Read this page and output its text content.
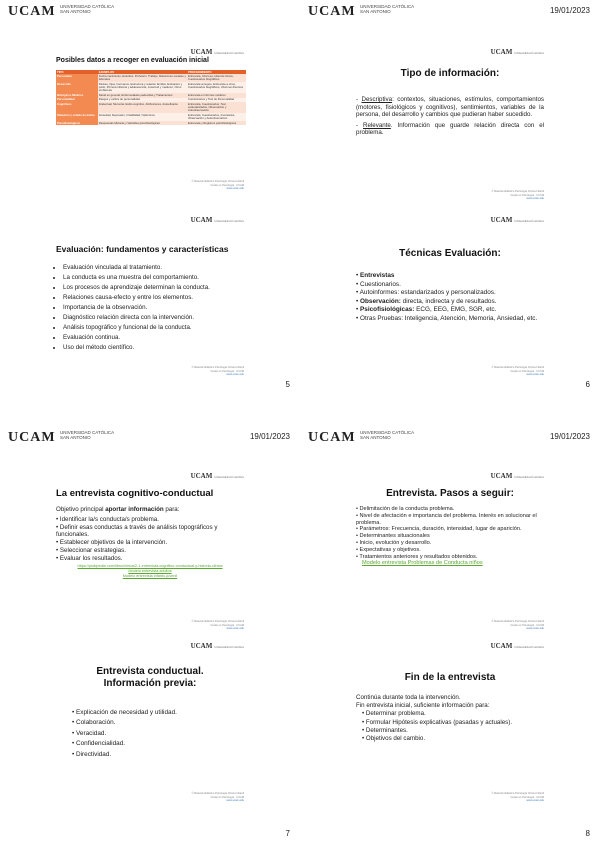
UCAM UNIVERSIDAD CATÓLICA
SAN ANTONIO
UCAM Universidad Católica
Posibles datos a recoger en evaluación inicial
TIPO	EJEMPLOS	PROCEDIMIENTO
Personales	Fecha nacimiento, Estudios, Profesión, Trabajo, Relaciones sociales y laborales	Entrevista, Informes, Historia clínica, Cuestionarios biográficos
Desarrollo	Padres, hijos, hermanos, Estructura y relación familiar, Embarazo y parto, Primera infancia y adolescencia, Juventud y madurez, Otros problemas	Entrevista al sujeto, Entrevista a otros, Cuestionarios biográficos, Informes diversos
Biológicos Médicos	Salud en general, Enfermedades padecidas y Tratamientos	Entrevista e Informes médicos
Personalidad	Rasgos y estilos de personalidad	Cuestionarios y Test de Personalidad
Cognitivos	Intelectual, Memoria, Estilo cognitivo, Atribuciones, Autoeficacia	Entrevista, Cuestionarios, Test estandarizados, Observación y Autoobservación
Situación y estado de ánimo	Ansiedad, Depresión, Irritabilidad, Optimismo	Entrevista, Cuestionarios, Inventarios, Observación y Autoobservación
Psicofisiológicos	Respuestas Motoras y Variables psicofisiológicas	Entrevista y Registros psicofisiológicos
© Material didáctico Psicología Clínica Infantil
Grado en Psicología · UCAM
www.ucam.edu
UCAM Universidad Católica
Evaluación: fundamentos y características
• Evaluación vinculada al tratamiento.
• La conducta es una muestra del comportamiento.
• Los procesos de aprendizaje determinan la conducta.
• Relaciones causa-efecto y entre los elementos.
• Importancia de la observación.
• Diagnóstico relación directa con la intervención.
• Análisis topográfico y funcional de la conducta.
• Evaluación continua.
• Uso del método científico.
© Material didáctico Psicología Clínica Infantil
Grado en Psicología · UCAM
www.ucam.edu
UCAM UNIVERSIDAD CATÓLICA
SAN ANTONIO	19/01/2023
UCAM Universidad Católica
Tipo de información:

- Descriptiva: contextos, situaciones, estímulos, comportamientos (motores, fisiológicos y cognitivos), sentimientos, variables de la persona, del desarrollo y cambios que pudieran haber sucedido.

- Relevante. Información que guarde relación directa con el problema.

© Material didáctico Psicología Clínica Infantil
Grado en Psicología · UCAM
www.ucam.edu
UCAM Universidad Católica
Técnicas Evaluación:
• Entrevistas
• Cuestionarios.
• Autoinformes: estandarizados y personalizados.
• Observación: directa, indirecta y de resultados.
• Psicofisiológicas: ECG, EEG, EMG, SGR, etc.
• Otras Pruebas: Inteligencia, Atención, Memoria, Ansiedad, etc.
© Material didáctico Psicología Clínica Infantil
Grado en Psicología · UCAM
www.ucam.edu
5
UCAM UNIVERSIDAD CATÓLICA
SAN ANTONIO	19/01/2023
UCAM Universidad Católica
La entrevista cognitivo-conductual
Objetivo principal aportar información para:
• Identificar la/s conducta/s problema.
• Definir esas conductas a través de análisis topográficos y funcionales.
• Establecer objetivos de la intervención.
• Seleccionar estrategias.
• Evaluar los resultados.
https://psikipedia.com/libro/clinica/2-1-entrevista-cognitivo-conductual-y-historia-clinica
Modelo entrevista adultos
Modelo entrevista infanto-juvenil
© Material didáctico Psicología Clínica Infantil
Grado en Psicología · UCAM
www.ucam.edu
UCAM Universidad Católica
Entrevista conductual.
Información previa:
• Explicación de necesidad y utilidad.
• Colaboración.
• Veracidad.
• Confidencialidad.
• Directividad.
© Material didáctico Psicología Clínica Infantil
Grado en Psicología · UCAM
www.ucam.edu
7
6
UCAM UNIVERSIDAD CATÓLICA
SAN ANTONIO	19/01/2023
UCAM Universidad Católica
Entrevista. Pasos a seguir:
• Delimitación de la conducta problema.
• Nivel de afectación e importancia del problema. Interés en solucionar el problema.
• Parámetros: Frecuencia, duración, intensidad, lugar de aparición.
• Determinantes situacionales
• Inicio, evolución y desarrollo.
• Expectativas y objetivos.
• Tratamientos anteriores y resultados obtenidos.
Modelo entrevista Problemas de Conducta niños
© Material didáctico Psicología Clínica Infantil
Grado en Psicología · UCAM
www.ucam.edu
UCAM Universidad Católica
Fin de la entrevista
Continúa durante toda la intervención.
Fin entrevista inicial, suficiente información para:
• Determinar problema.
• Formular Hipótesis explicativas (pasadas y actuales).
• Determinantes.
• Objetivos del cambio.
© Material didáctico Psicología Clínica Infantil
Grado en Psicología · UCAM
www.ucam.edu
8
